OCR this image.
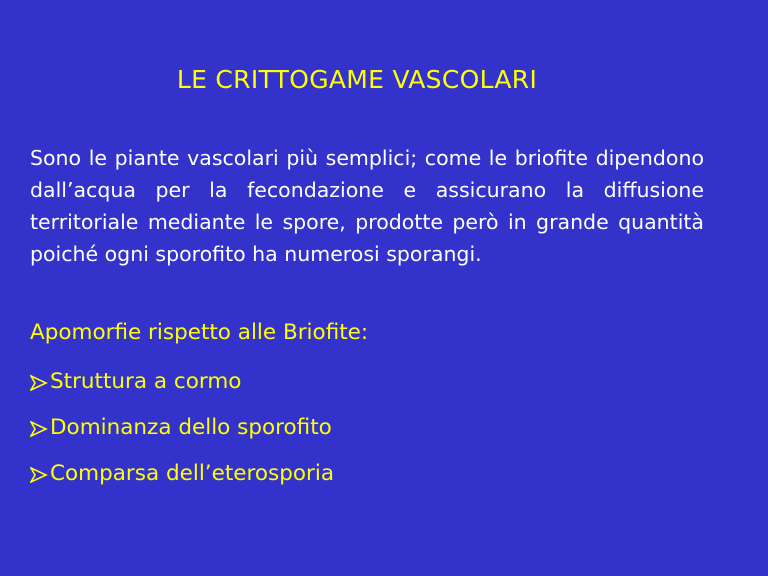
LE CRITTOGAME VASCOLARI

Sono le piante vascolari più semplici; come le briofite dipendono dall’acqua per la fecondazione e assicurano la diffusione territoriale mediante le spore, prodotte però in grande quantità poiché ogni sporofito ha numerosi sporangi.

Apomorfie rispetto alle Briofite:

Struttura a cormo
Dominanza dello sporofito
Comparsa dell’eterosporia
